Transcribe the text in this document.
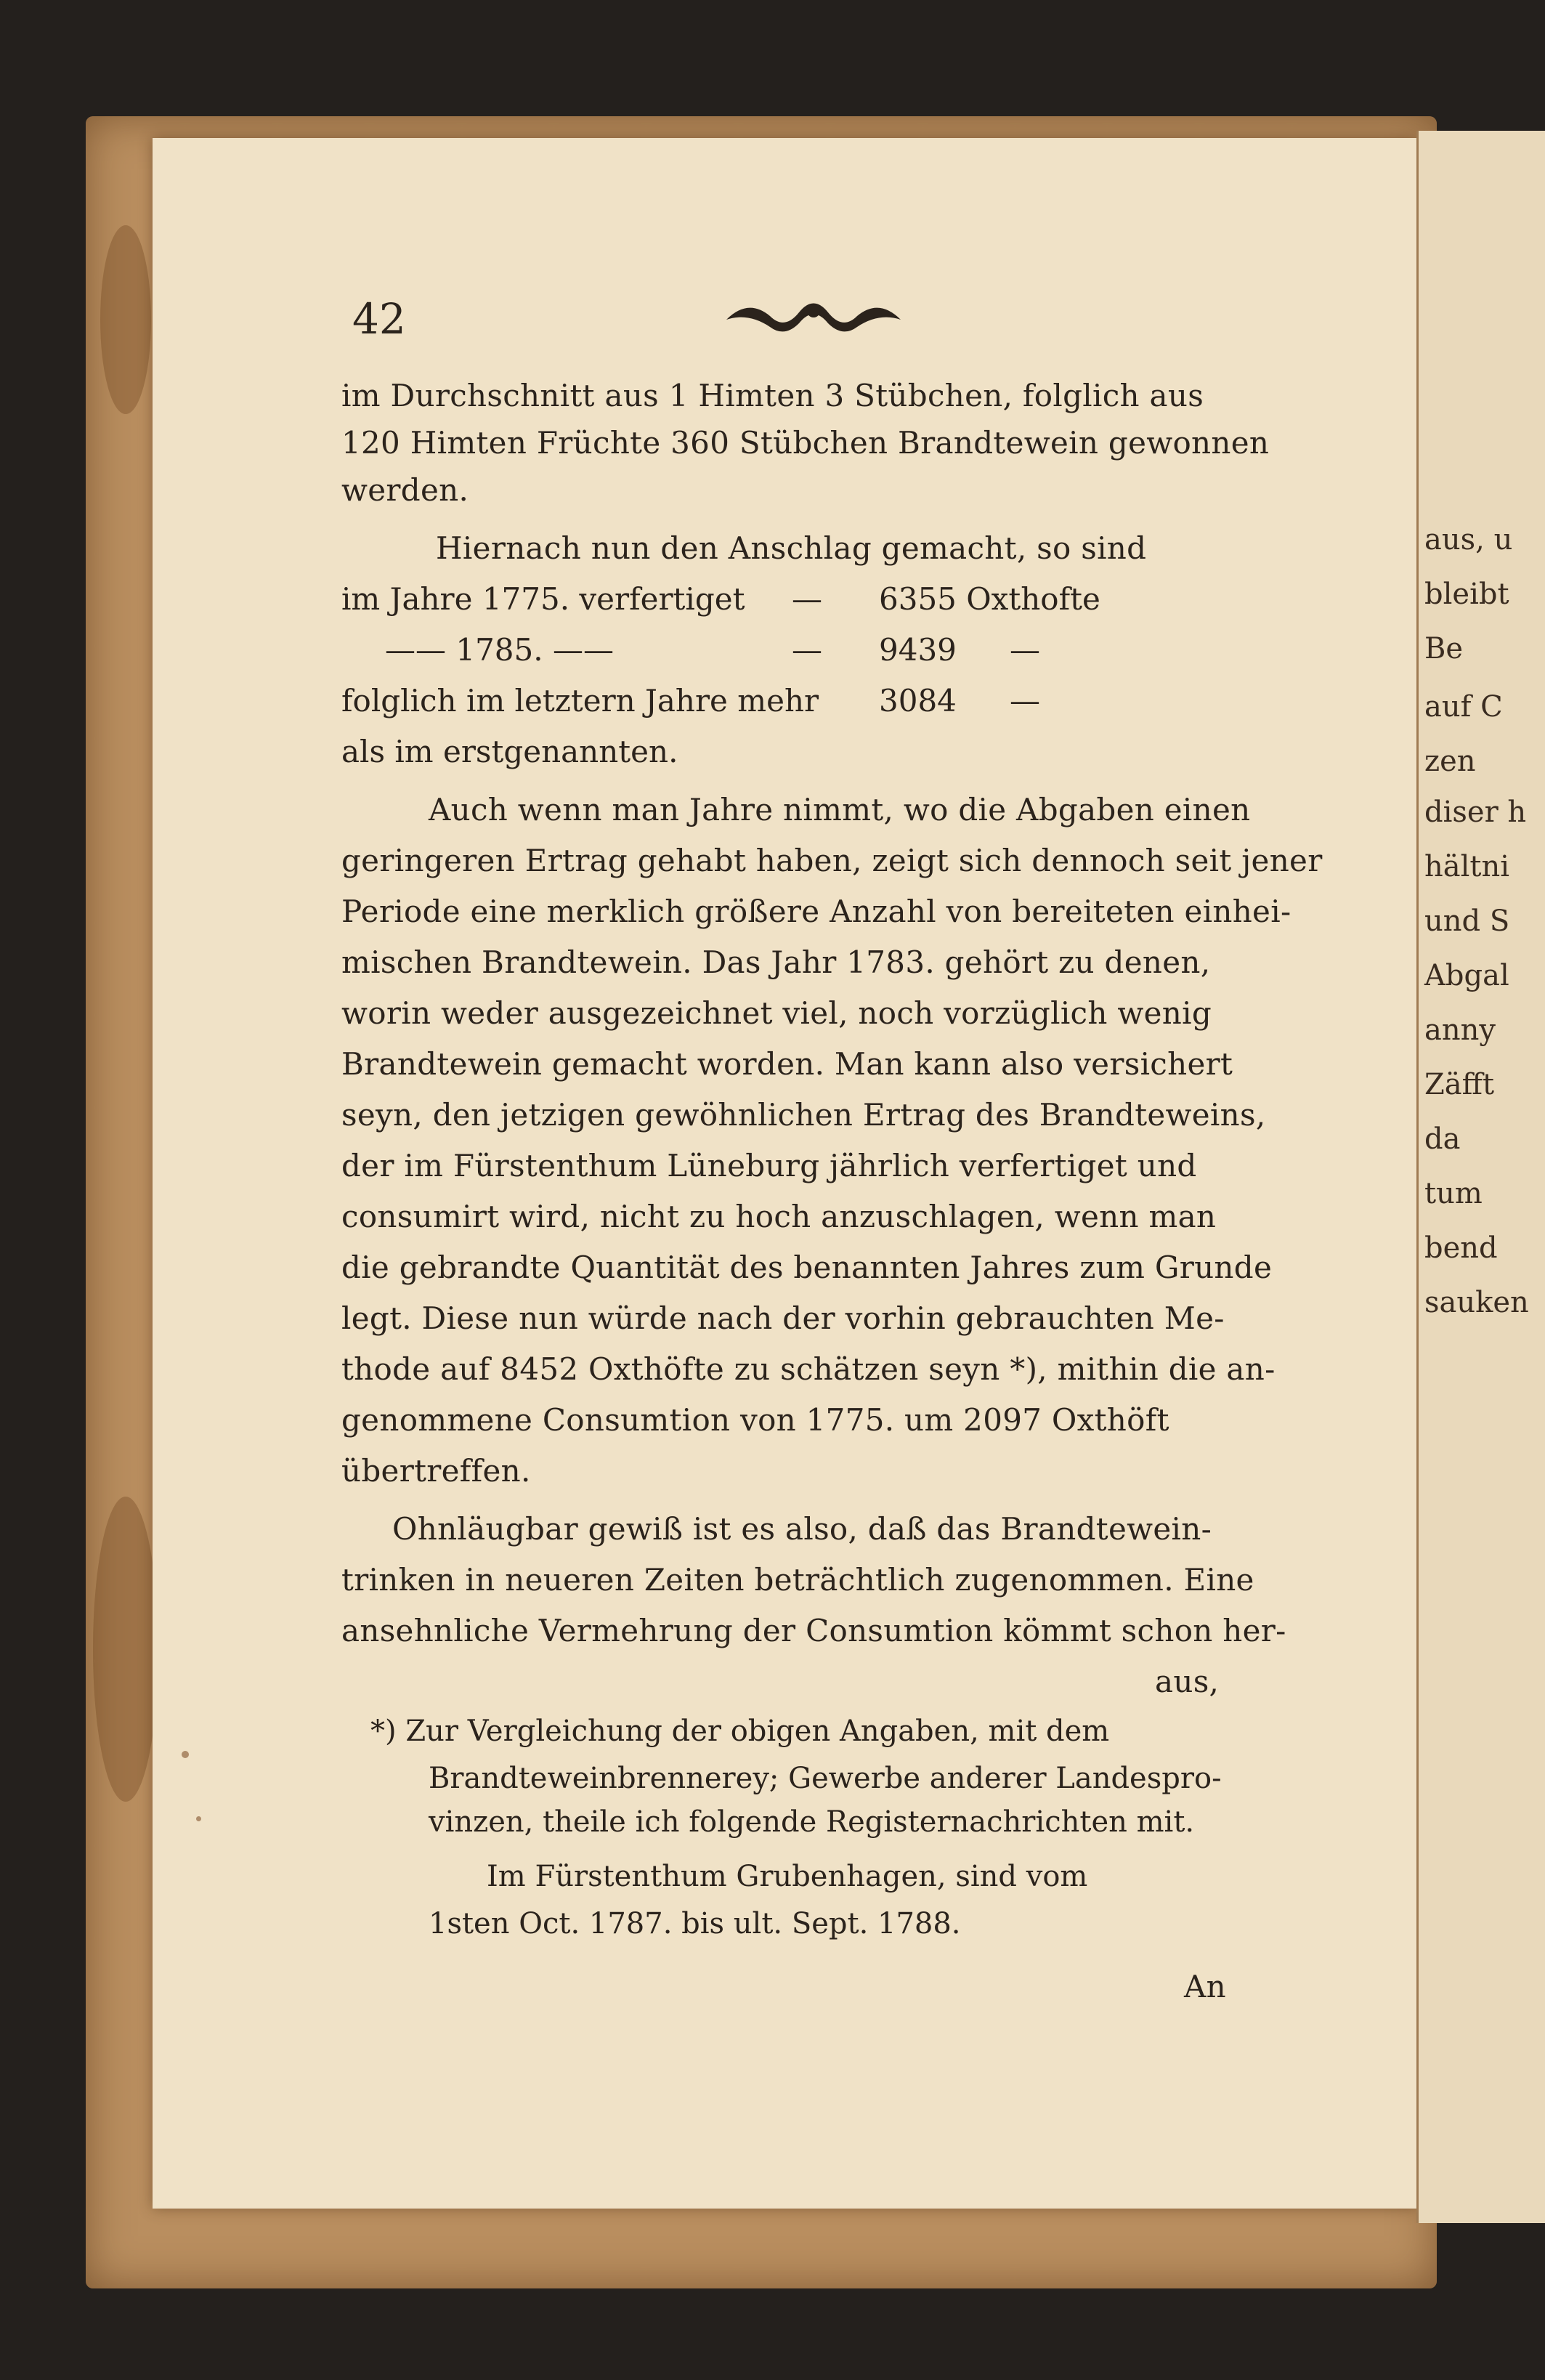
aus, u
bleibt
Be
auf C
zen
diser h
hältni
und S
Abgal
anny
Zäfft
da
tum
bend
sauken
42
im Durchschnitt aus 1 Himten 3 Stübchen, folglich aus
120 Himten Früchte 360 Stübchen Brandtewein gewonnen
werden.
Hiernach nun den Anschlag gemacht, so sind
im Jahre 1775. verfertiget — 6355 Oxthofte
—— 1785. ——	— 9439 —
folglich im letztern Jahre mehr 3084 —
als im erstgenannten.
Auch wenn man Jahre nimmt, wo die Abgaben einen
geringeren Ertrag gehabt haben, zeigt sich dennoch seit jener
Periode eine merklich größere Anzahl von bereiteten einhei-
mischen Brandtewein. Das Jahr 1783. gehört zu denen,
worin weder ausgezeichnet viel, noch vorzüglich wenig
Brandtewein gemacht worden. Man kann also versichert
seyn, den jetzigen gewöhnlichen Ertrag des Brandteweins,
der im Fürstenthum Lüneburg jährlich verfertiget und
consumirt wird, nicht zu hoch anzuschlagen, wenn man
die gebrandte Quantität des benannten Jahres zum Grunde
legt. Diese nun würde nach der vorhin gebrauchten Me-
thode auf 8452 Oxthöfte zu schätzen seyn *), mithin die an-
genommene Consumtion von 1775. um 2097 Oxthöft
übertreffen.
Ohnläugbar gewiß ist es also, daß das Brandtewein-
trinken in neueren Zeiten beträchtlich zugenommen. Eine
ansehnliche Vermehrung der Consumtion kömmt schon her-
aus,
*) Zur Vergleichung der obigen Angaben, mit dem
Brandteweinbrennerey; Gewerbe anderer Landespro-
vinzen, theile ich folgende Registernachrichten mit.
Im Fürstenthum Grubenhagen, sind vom
1sten Oct. 1787. bis ult. Sept. 1788.
An
